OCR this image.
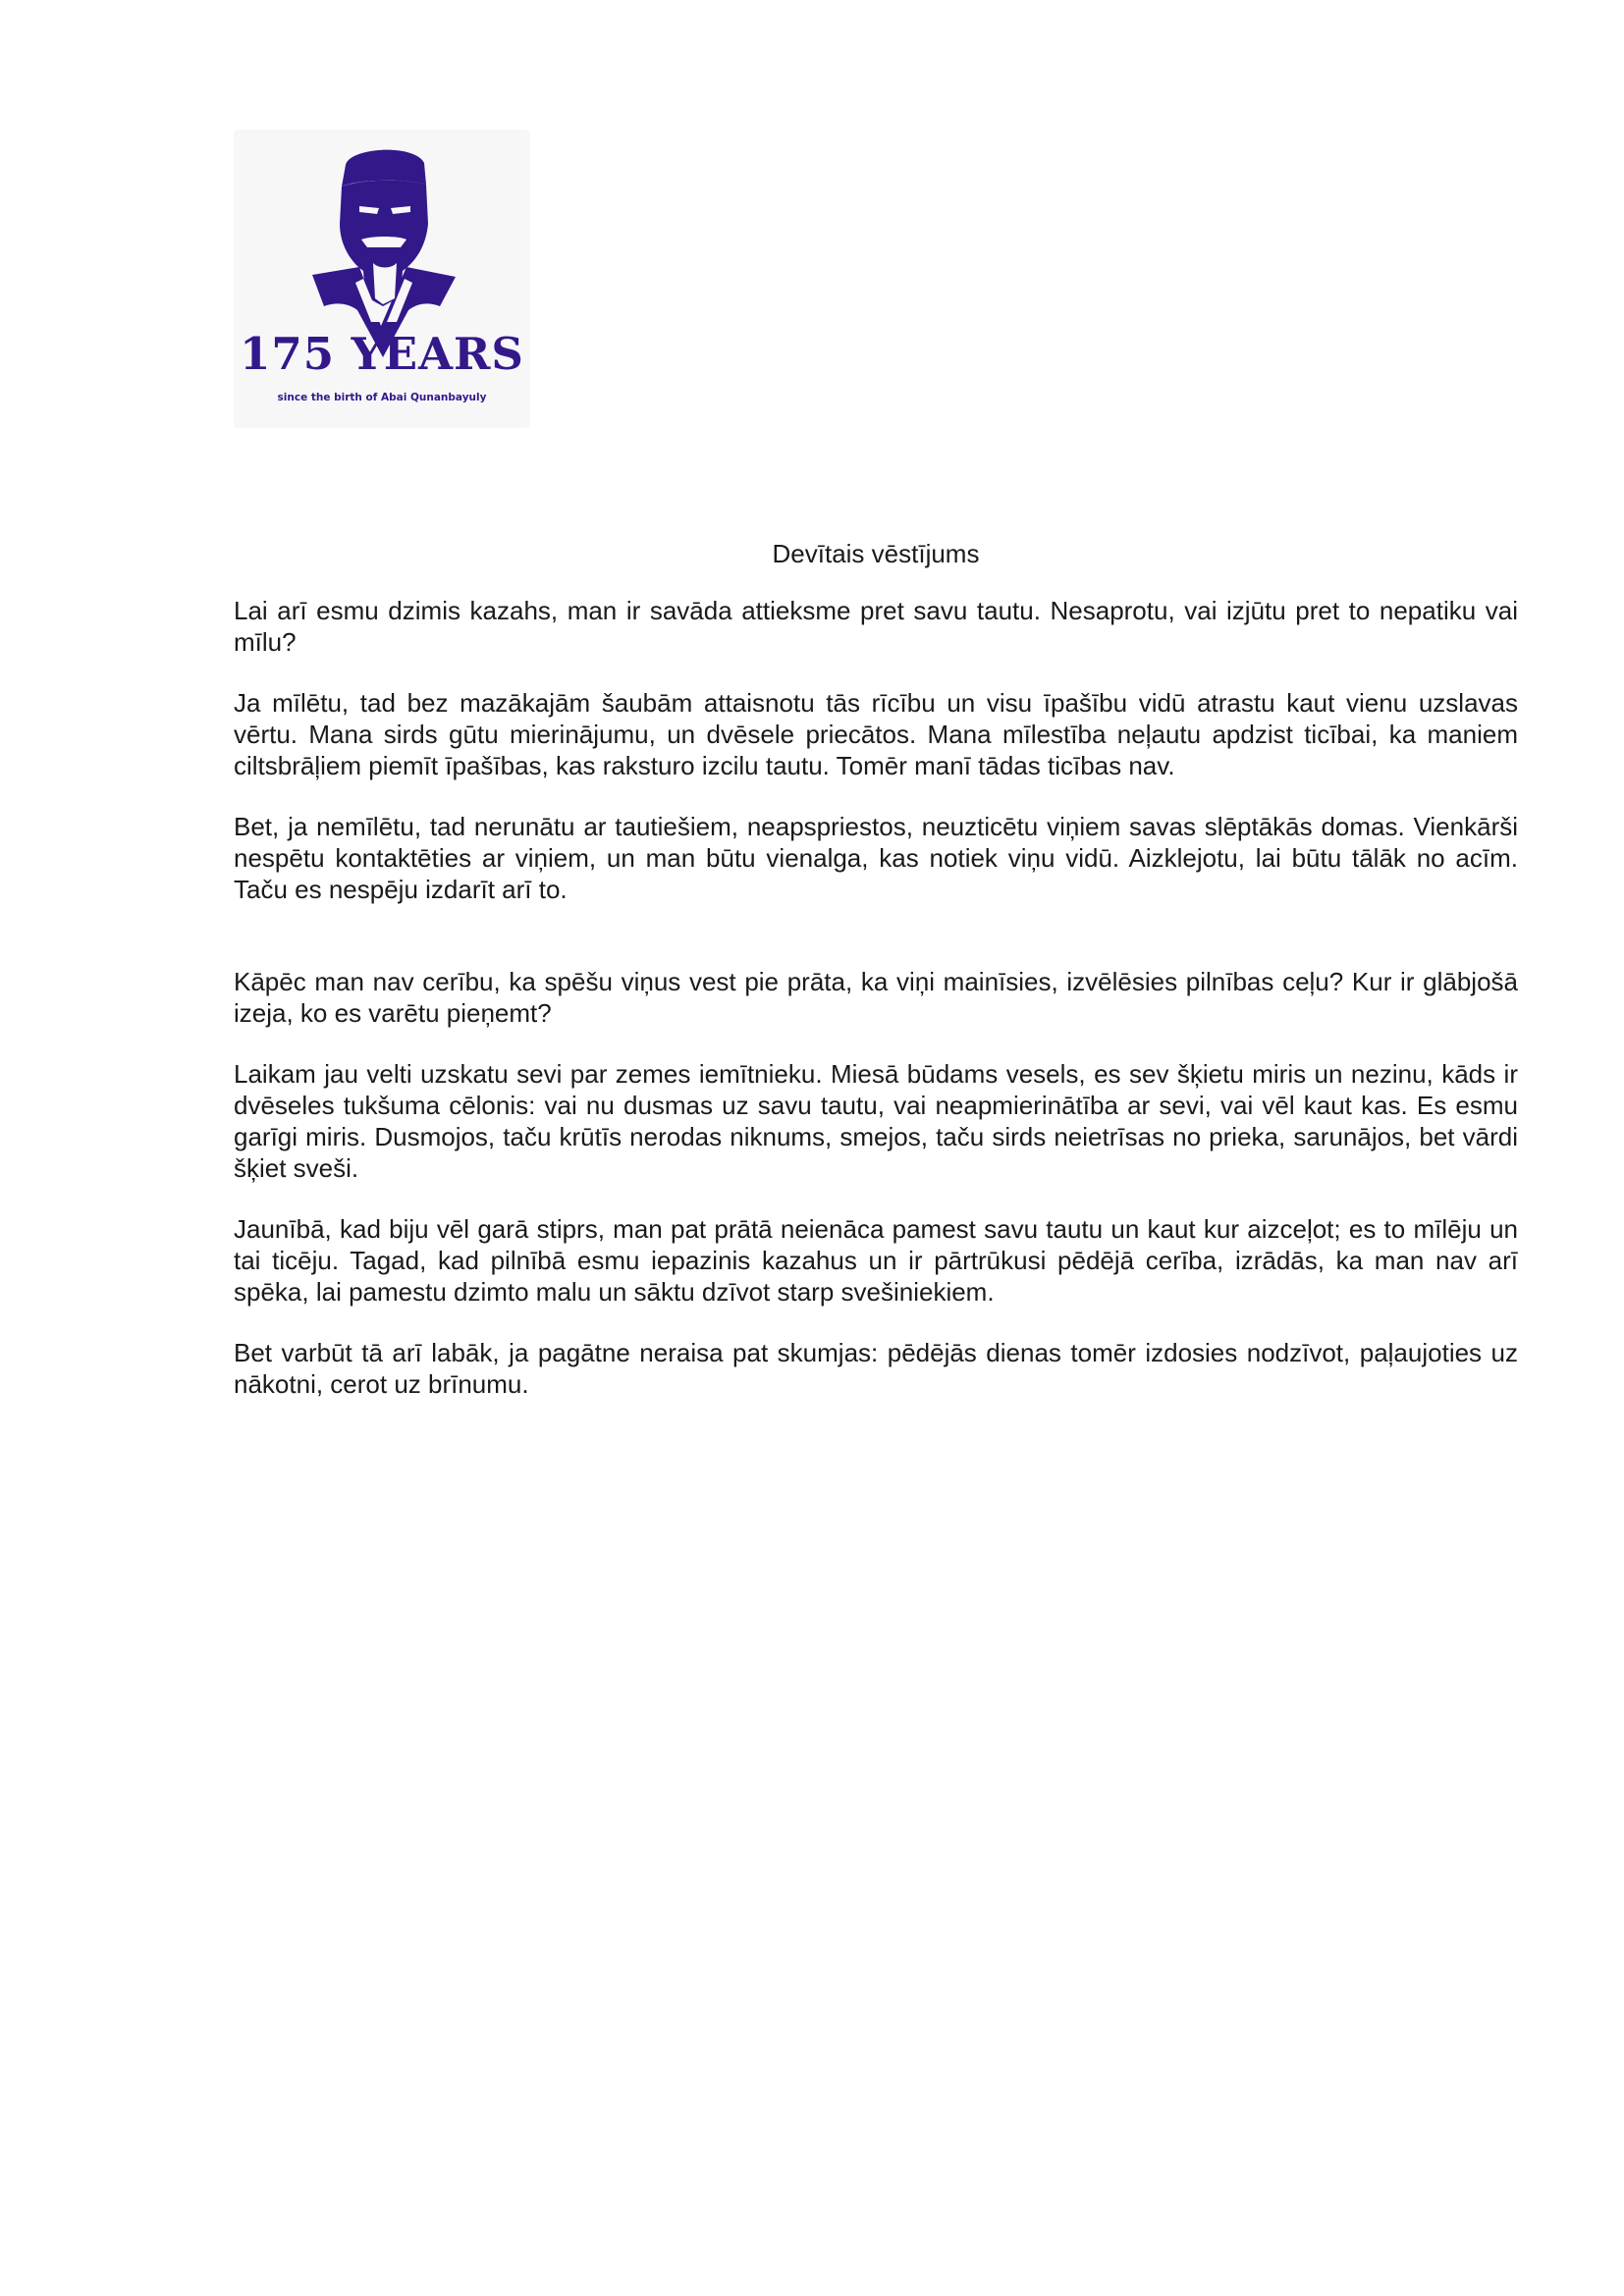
175 YEARS
since the birth of Abai Qunanbayuly
Devītais vēstījums

Lai arī esmu dzimis kazahs, man ir savāda attieksme pret savu tautu. Nesaprotu, vai izjūtu pret to nepatiku vai mīlu?

Ja mīlētu, tad bez mazākajām šaubām attaisnotu tās rīcību un visu īpašību vidū atrastu kaut vienu uzslavas vērtu. Mana sirds gūtu mierinājumu, un dvēsele priecātos. Mana mīlestība neļautu apdzist ticībai, ka maniem ciltsbrāļiem piemīt īpašības, kas raksturo izcilu tautu. Tomēr manī tādas ticības nav.

Bet, ja nemīlētu, tad nerunātu ar tautiešiem, neapspriestos, neuzticētu viņiem savas slēptākās domas. Vienkārši nespētu kontaktēties ar viņiem, un man būtu vienalga, kas notiek viņu vidū. Aizklejotu, lai būtu tālāk no acīm. Taču es nespēju izdarīt arī to.

Kāpēc man nav cerību, ka spēšu viņus vest pie prāta, ka viņi mainīsies, izvēlēsies pilnības ceļu? Kur ir glābjošā izeja, ko es varētu pieņemt?

Laikam jau velti uzskatu sevi par zemes iemītnieku. Miesā būdams vesels, es sev šķietu miris un nezinu, kāds ir dvēseles tukšuma cēlonis: vai nu dusmas uz savu tautu, vai neapmierinātība ar sevi, vai vēl kaut kas. Es esmu garīgi miris. Dusmojos, taču krūtīs nerodas niknums, smejos, taču sirds neietrīsas no prieka, sarunājos, bet vārdi šķiet sveši.

Jaunībā, kad biju vēl garā stiprs, man pat prātā neienāca pamest savu tautu un kaut kur aizceļot; es to mīlēju un tai ticēju. Tagad, kad pilnībā esmu iepazinis kazahus un ir pārtrūkusi pēdējā cerība, izrādās, ka man nav arī spēka, lai pamestu dzimto malu un sāktu dzīvot starp svešiniekiem.

Bet varbūt tā arī labāk, ja pagātne neraisa pat skumjas: pēdējās dienas tomēr izdosies nodzīvot, paļaujoties uz nākotni, cerot uz brīnumu.
